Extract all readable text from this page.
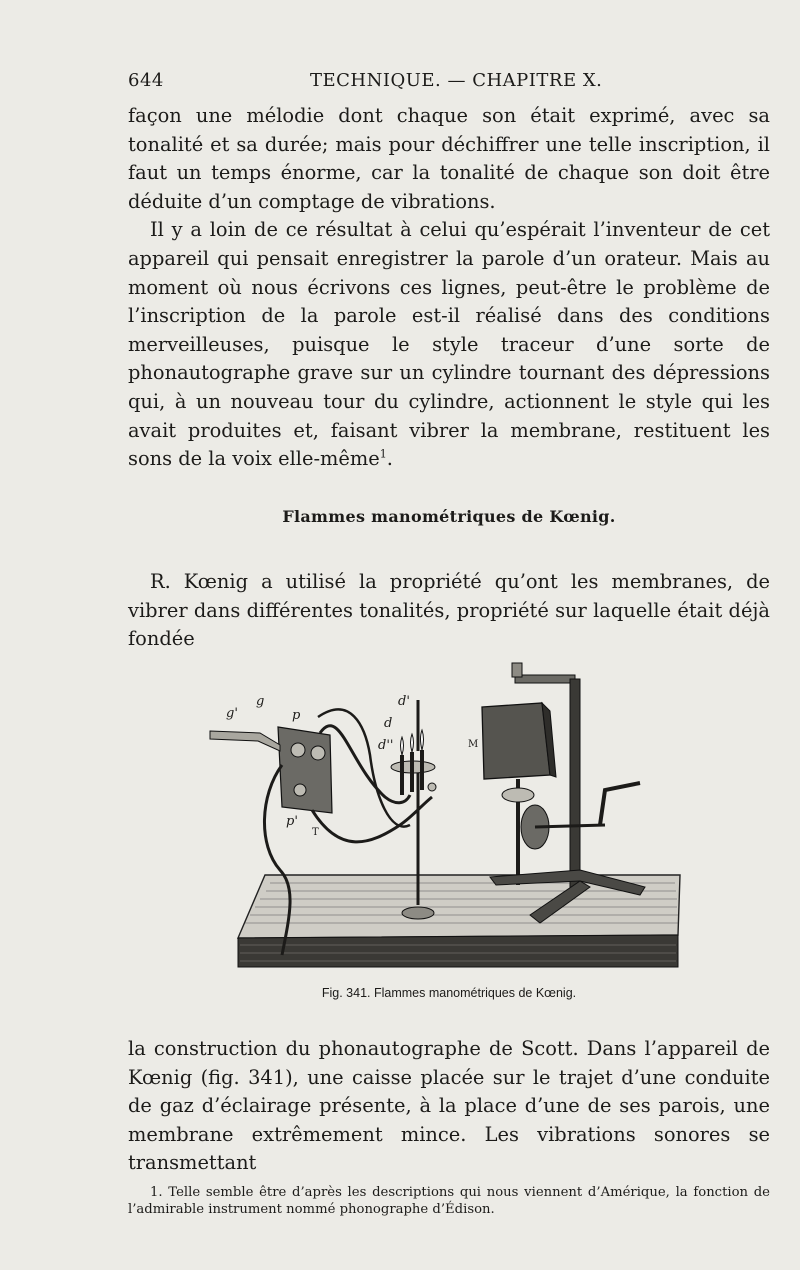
644	TECHNIQUE. — CHAPITRE X.

façon une mélodie dont chaque son était exprimé, avec sa tonalité et sa durée; mais pour déchiffrer une telle inscription, il faut un temps énorme, car la tonalité de chaque son doit être déduite d’un comptage de vibrations.

Il y a loin de ce résultat à celui qu’espérait l’inventeur de cet appareil qui pensait enregistrer la parole d’un orateur. Mais au moment où nous écrivons ces lignes, peut-être le problème de l’inscription de la parole est-il réalisé dans des conditions merveilleuses, puisque le style traceur d’une sorte de phonautographe grave sur un cylindre tournant des dépressions qui, à un nouveau tour du cylindre, actionnent le style qui les avait produites et, faisant vibrer la membrane, restituent les sons de la voix elle-même$^1$.

Flammes manométriques de Kœnig.

R. Kœnig a utilisé la propriété qu’ont les membranes, de vibrer dans différentes tonalités, propriété sur laquelle était déjà fondée

g'
g
p
p'
d'
d
d''	M
T
Fig. 341. Flammes manométriques de Kœnig.

la construction du phonautographe de Scott. Dans l’appareil de Kœnig (fig. 341), une caisse placée sur le trajet d’une conduite de gaz d’éclairage présente, à la place d’une de ses parois, une membrane extrêmement mince. Les vibrations sonores se transmettant

1. Telle semble être d’après les descriptions qui nous viennent d’Amérique, la fonction de l’admirable instrument nommé phonographe d’Édison.
